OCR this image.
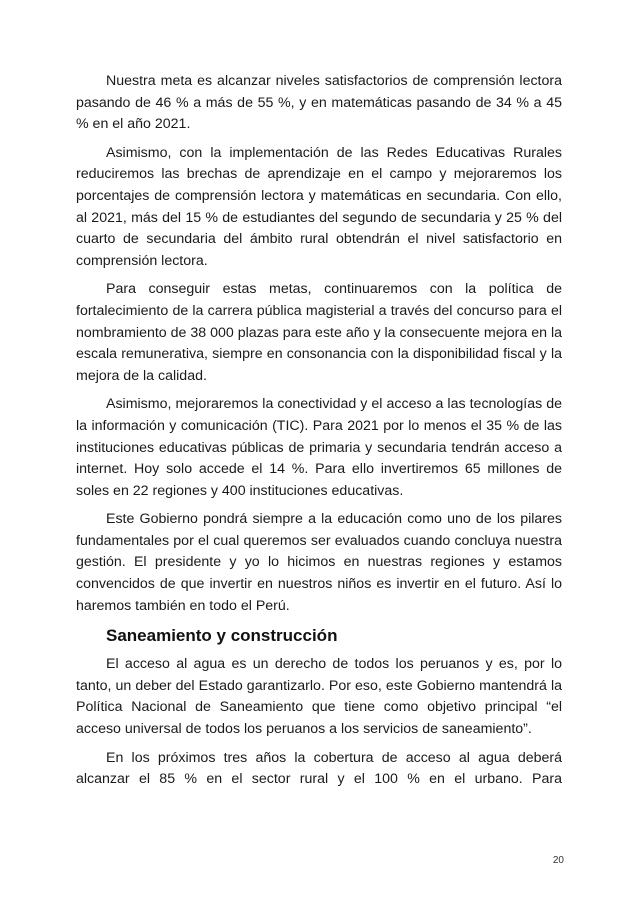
Nuestra meta es alcanzar niveles satisfactorios de comprensión lectora pasando de 46 % a más de 55 %, y en matemáticas pasando de 34 % a 45 % en el año 2021.

Asimismo, con la implementación de las Redes Educativas Rurales reduciremos las brechas de aprendizaje en el campo y mejoraremos los porcentajes de comprensión lectora y matemáticas en secundaria. Con ello, al 2021, más del 15 % de estudiantes del segundo de secundaria y 25 % del cuarto de secundaria del ámbito rural obtendrán el nivel satisfactorio en comprensión lectora.

Para conseguir estas metas, continuaremos con la política de fortalecimiento de la carrera pública magisterial a través del concurso para el nombramiento de 38 000 plazas para este año y la consecuente mejora en la escala remunerativa, siempre en consonancia con la disponibilidad fiscal y la mejora de la calidad.

Asimismo, mejoraremos la conectividad y el acceso a las tecnologías de la información y comunicación (TIC). Para 2021 por lo menos el 35 % de las instituciones educativas públicas de primaria y secundaria tendrán acceso a internet. Hoy solo accede el 14 %. Para ello invertiremos 65 millones de soles en 22 regiones y 400 instituciones educativas.

Este Gobierno pondrá siempre a la educación como uno de los pilares fundamentales por el cual queremos ser evaluados cuando concluya nuestra gestión. El presidente y yo lo hicimos en nuestras regiones y estamos convencidos de que invertir en nuestros niños es invertir en el futuro. Así lo haremos también en todo el Perú.

Saneamiento y construcción

El acceso al agua es un derecho de todos los peruanos y es, por lo tanto, un deber del Estado garantizarlo. Por eso, este Gobierno mantendrá la Política Nacional de Saneamiento que tiene como objetivo principal “el acceso universal de todos los peruanos a los servicios de saneamiento”.

En los próximos tres años la cobertura de acceso al agua deberá alcanzar el 85 % en el sector rural y el 100 % en el urbano. Para

20
